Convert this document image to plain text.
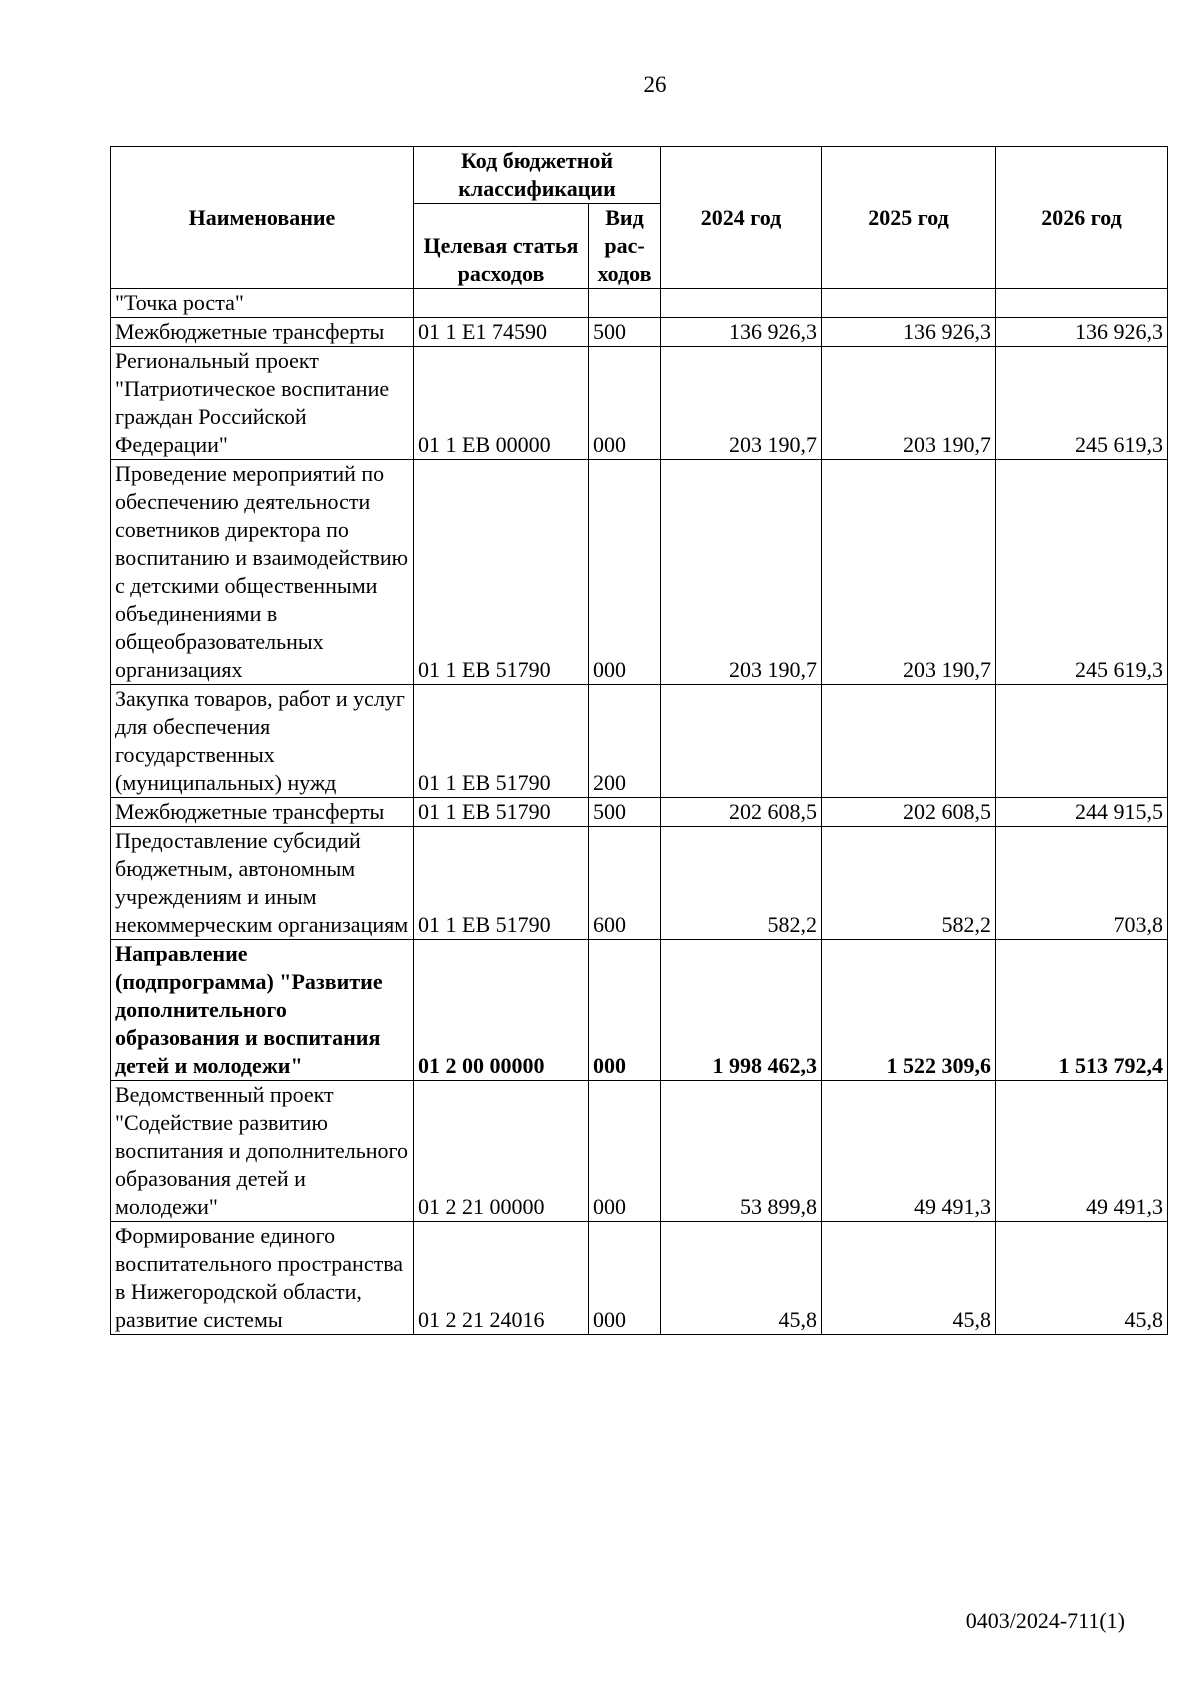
26
Наименование	Код бюджетной классификации		2024 год	2025 год	2026 год
	Целевая статья расходов	Вид рас-ходов			
"Точка роста"					
Межбюджетные трансферты	01 1 E1 74590	500	136 926,3	136 926,3	136 926,3
Региональный проект "Патриотическое воспитание граждан Российской Федерации"	01 1 EB 00000	000	203 190,7	203 190,7	245 619,3
Проведение мероприятий по обеспечению деятельности советников директора по воспитанию и взаимодействию с детскими общественными объединениями в общеобразовательных организациях	01 1 EB 51790	000	203 190,7	203 190,7	245 619,3
Закупка товаров, работ и услуг для обеспечения государственных (муниципальных) нужд	01 1 EB 51790	200			
Межбюджетные трансферты	01 1 EB 51790	500	202 608,5	202 608,5	244 915,5
Предоставление субсидий бюджетным, автономным учреждениям и иным некоммерческим организациям	01 1 EB 51790	600	582,2	582,2	703,8
Направление (подпрограмма) "Развитие дополнительного образования и воспитания детей и молодежи"	01 2 00 00000	000	1 998 462,3	1 522 309,6	1 513 792,4
Ведомственный проект "Содействие развитию воспитания и дополнительного образования детей и молодежи"	01 2 21 00000	000	53 899,8	49 491,3	49 491,3
Формирование единого воспитательного пространства в Нижегородской области, развитие системы	01 2 21 24016	000	45,8	45,8	45,8
0403/2024-711(1)
